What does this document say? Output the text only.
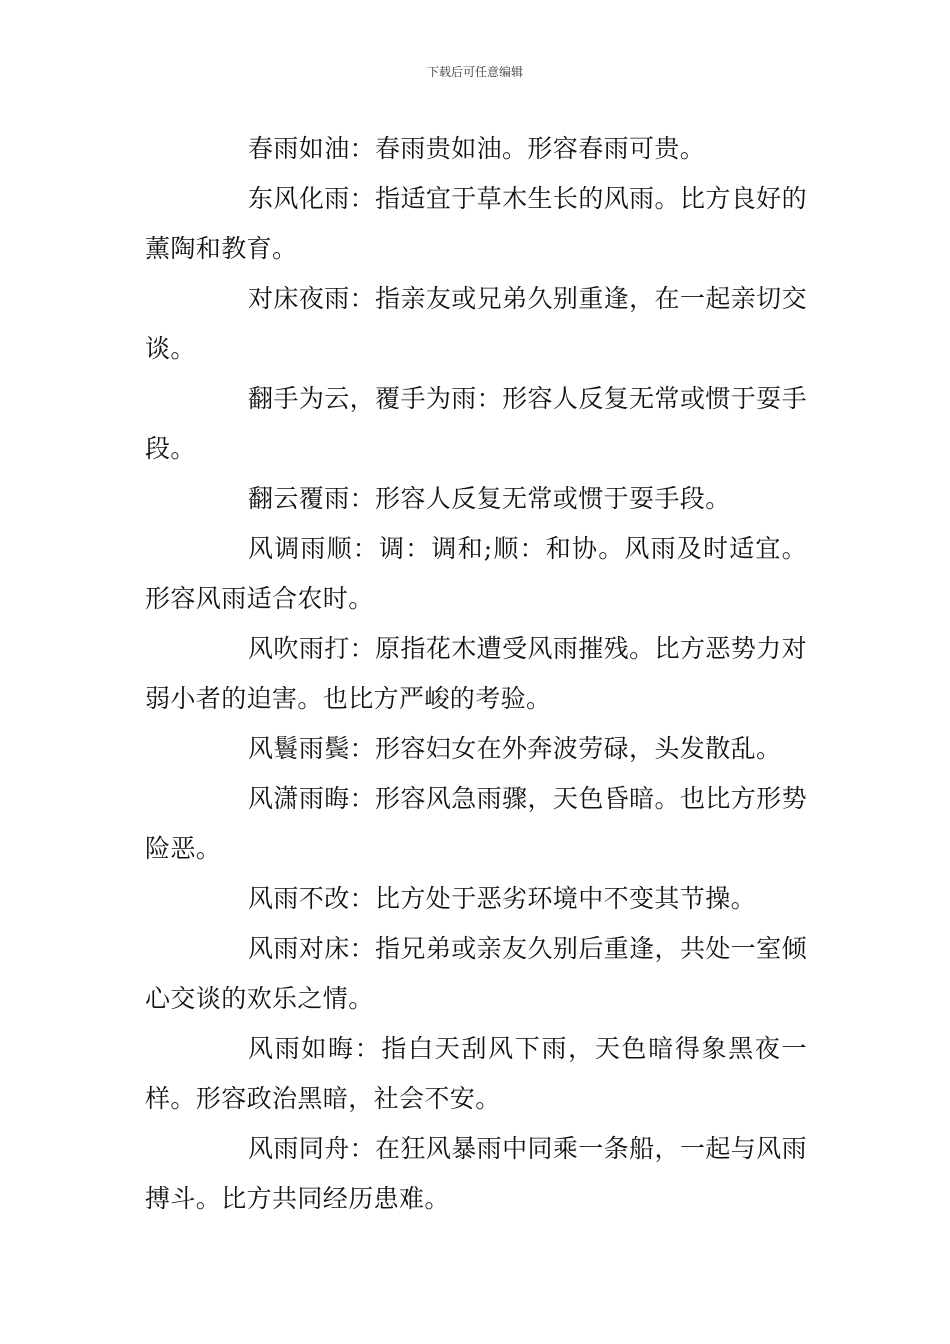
下载后可任意编辑

春雨如油：春雨贵如油。形容春雨可贵。

东风化雨：指适宜于草木生长的风雨。比方良好的薰陶和教育。

对床夜雨：指亲友或兄弟久别重逢，在一起亲切交谈。

翻手为云，覆手为雨：形容人反复无常或惯于耍手段。

翻云覆雨：形容人反复无常或惯于耍手段。

风调雨顺：调：调和;顺：和协。风雨及时适宜。形容风雨适合农时。

风吹雨打：原指花木遭受风雨摧残。比方恶势力对弱小者的迫害。也比方严峻的考验。

风鬟雨鬓：形容妇女在外奔波劳碌，头发散乱。

风潇雨晦：形容风急雨骤，天色昏暗。也比方形势险恶。

风雨不改：比方处于恶劣环境中不变其节操。

风雨对床：指兄弟或亲友久别后重逢，共处一室倾心交谈的欢乐之情。

风雨如晦：指白天刮风下雨，天色暗得象黑夜一样。形容政治黑暗，社会不安。

风雨同舟：在狂风暴雨中同乘一条船，一起与风雨搏斗。比方共同经历患难。
